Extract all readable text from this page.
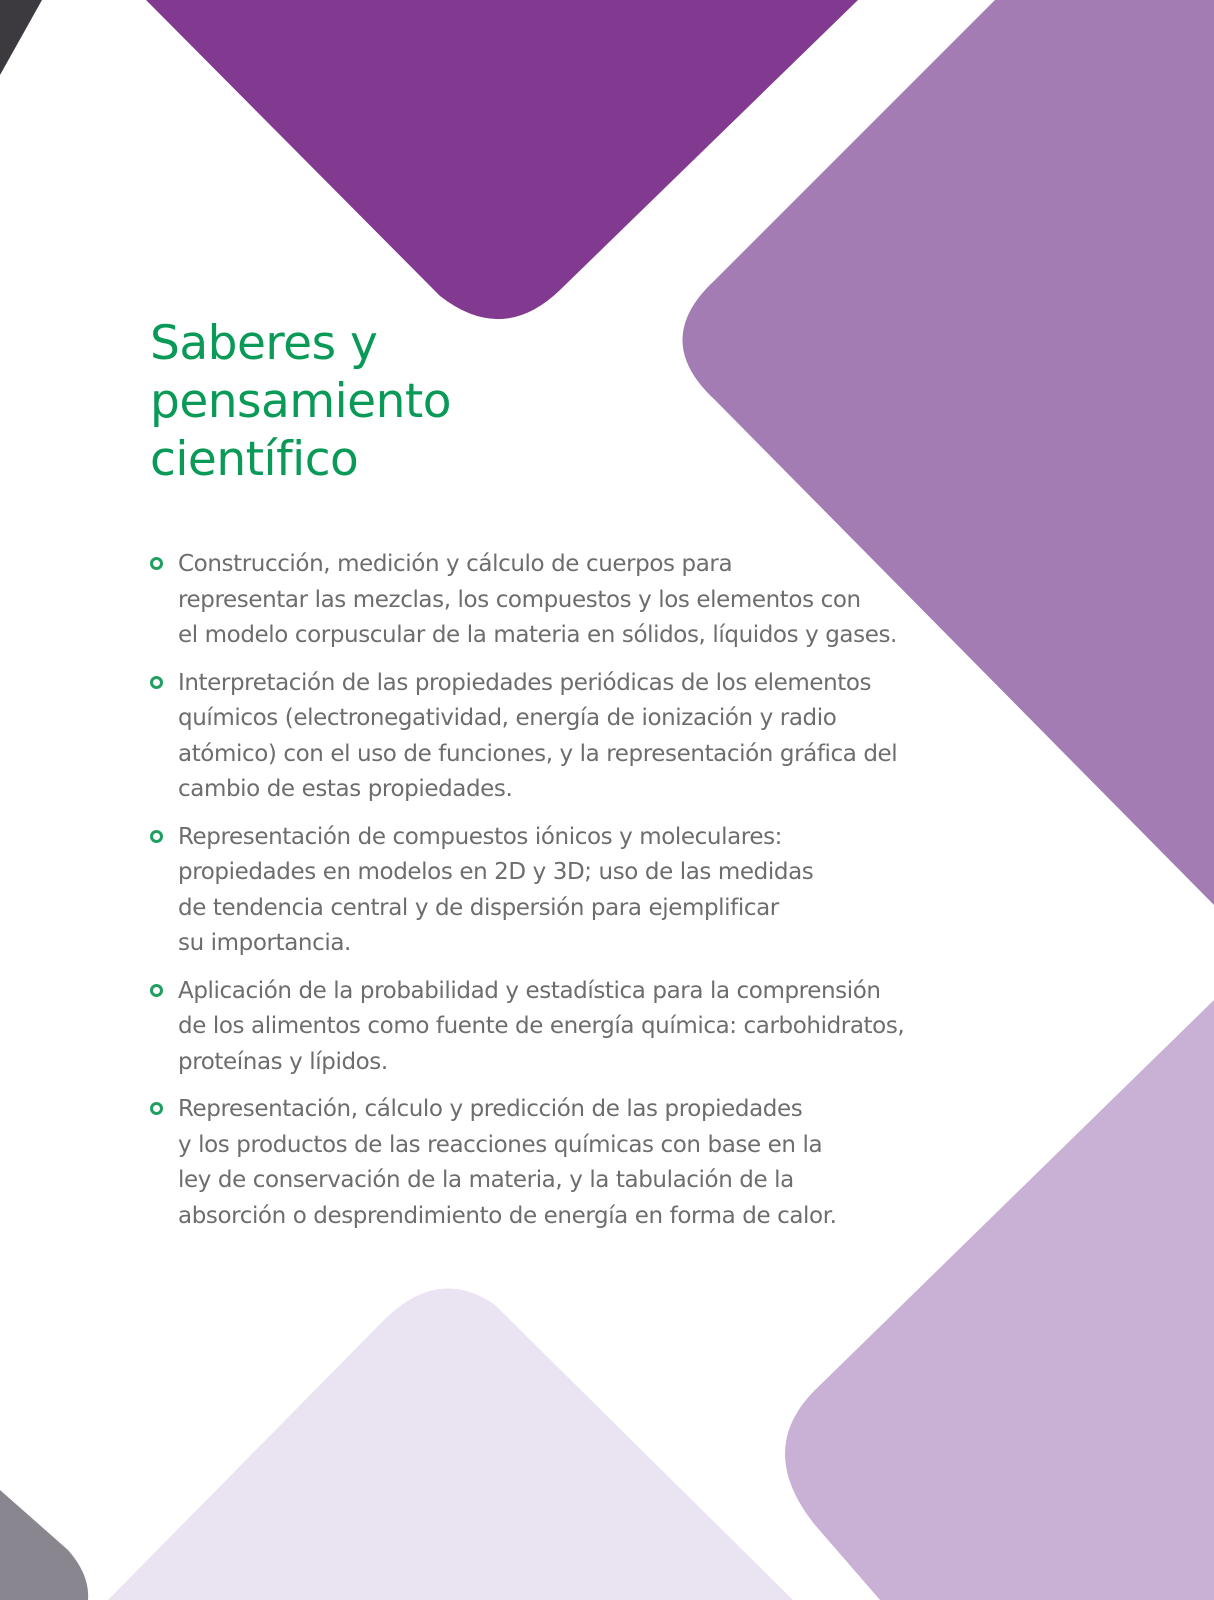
Saberes y
pensamiento
científico
Construcción, medición y cálculo de cuerpos para
representar las mezclas, los compuestos y los elementos con
el modelo corpuscular de la materia en sólidos, líquidos y gases.
Interpretación de las propiedades periódicas de los elementos
químicos (electronegatividad, energía de ionización y radio
atómico) con el uso de funciones, y la representación gráfica del
cambio de estas propiedades.
Representación de compuestos iónicos y moleculares:
propiedades en modelos en 2D y 3D; uso de las medidas
de tendencia central y de dispersión para ejemplificar
su importancia.
Aplicación de la probabilidad y estadística para la comprensión
de los alimentos como fuente de energía química: carbohidratos,
proteínas y lípidos.
Representación, cálculo y predicción de las propiedades
y los productos de las reacciones químicas con base en la
ley de conservación de la materia, y la tabulación de la
absorción o desprendimiento de energía en forma de calor.
